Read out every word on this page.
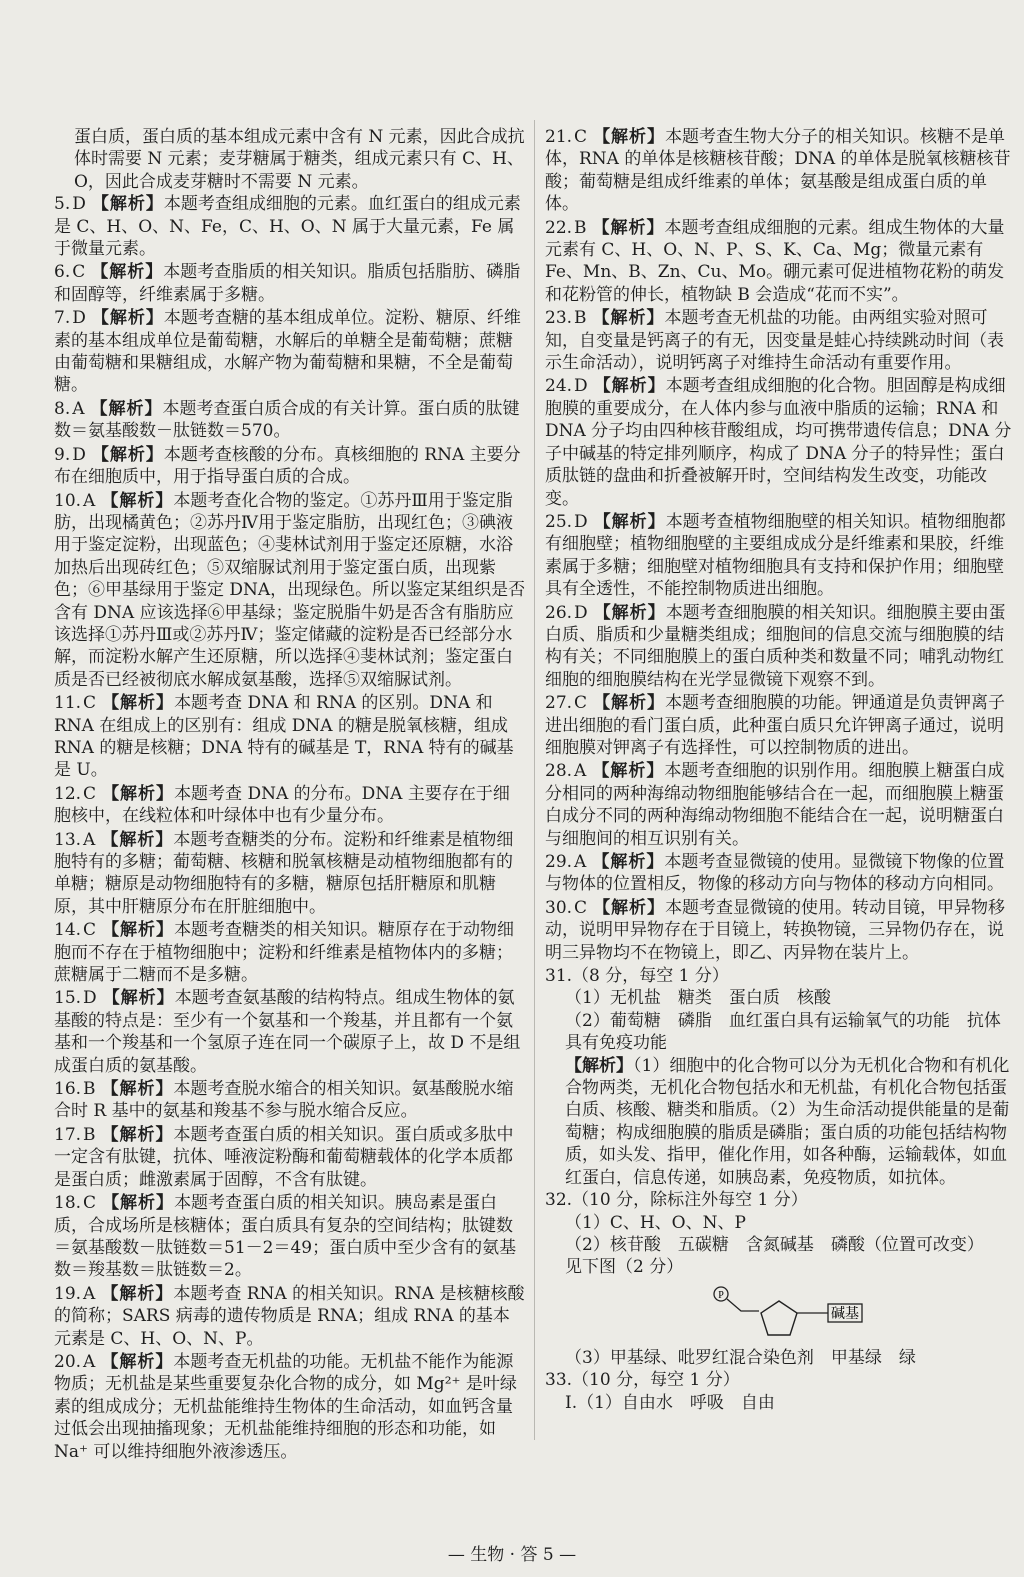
蛋白质，蛋白质的基本组成元素中含有 N 元素，因此合成抗体时需要 N 元素；麦芽糖属于糖类，组成元素只有 C、H、O，因此合成麦芽糖时不需要 N 元素。
5. D 【解析】本题考查组成细胞的元素。血红蛋白的组成元素是 C、H、O、N、Fe，C、H、O、N 属于大量元素，Fe 属于微量元素。
6. C 【解析】本题考查脂质的相关知识。脂质包括脂肪、磷脂和固醇等，纤维素属于多糖。
7. D 【解析】本题考查糖的基本组成单位。淀粉、糖原、纤维素的基本组成单位是葡萄糖，水解后的单糖全是葡萄糖；蔗糖由葡萄糖和果糖组成，水解产物为葡萄糖和果糖，不全是葡萄糖。
8. A 【解析】本题考查蛋白质合成的有关计算。蛋白质的肽键数＝氨基酸数－肽链数＝570。
9. D 【解析】本题考查核酸的分布。真核细胞的 RNA 主要分布在细胞质中，用于指导蛋白质的合成。
10. A 【解析】本题考查化合物的鉴定。①苏丹Ⅲ用于鉴定脂肪，出现橘黄色；②苏丹Ⅳ用于鉴定脂肪，出现红色；③碘液用于鉴定淀粉，出现蓝色；④斐林试剂用于鉴定还原糖，水浴加热后出现砖红色；⑤双缩脲试剂用于鉴定蛋白质，出现紫色；⑥甲基绿用于鉴定 DNA，出现绿色。所以鉴定某组织是否含有 DNA 应该选择⑥甲基绿；鉴定脱脂牛奶是否含有脂肪应该选择①苏丹Ⅲ或②苏丹Ⅳ；鉴定储藏的淀粉是否已经部分水解，而淀粉水解产生还原糖，所以选择④斐林试剂；鉴定蛋白质是否已经被彻底水解成氨基酸，选择⑤双缩脲试剂。
11. C 【解析】本题考查 DNA 和 RNA 的区别。DNA 和 RNA 在组成上的区别有：组成 DNA 的糖是脱氧核糖，组成 RNA 的糖是核糖；DNA 特有的碱基是 T，RNA 特有的碱基是 U。
12. C 【解析】本题考查 DNA 的分布。DNA 主要存在于细胞核中，在线粒体和叶绿体中也有少量分布。
13. A 【解析】本题考查糖类的分布。淀粉和纤维素是植物细胞特有的多糖；葡萄糖、核糖和脱氧核糖是动植物细胞都有的单糖；糖原是动物细胞特有的多糖，糖原包括肝糖原和肌糖原，其中肝糖原分布在肝脏细胞中。
14. C 【解析】本题考查糖类的相关知识。糖原存在于动物细胞而不存在于植物细胞中；淀粉和纤维素是植物体内的多糖；蔗糖属于二糖而不是多糖。
15. D 【解析】本题考查氨基酸的结构特点。组成生物体的氨基酸的特点是：至少有一个氨基和一个羧基，并且都有一个氨基和一个羧基和一个氢原子连在同一个碳原子上，故 D 不是组成蛋白质的氨基酸。
16. B 【解析】本题考查脱水缩合的相关知识。氨基酸脱水缩合时 R 基中的氨基和羧基不参与脱水缩合反应。
17. B 【解析】本题考查蛋白质的相关知识。蛋白质或多肽中一定含有肽键，抗体、唾液淀粉酶和葡萄糖载体的化学本质都是蛋白质；雌激素属于固醇，不含有肽键。
18. C 【解析】本题考查蛋白质的相关知识。胰岛素是蛋白质，合成场所是核糖体；蛋白质具有复杂的空间结构；肽键数＝氨基酸数－肽链数＝51－2＝49；蛋白质中至少含有的氨基数＝羧基数＝肽链数＝2。
19. A 【解析】本题考查 RNA 的相关知识。RNA 是核糖核酸的简称；SARS 病毒的遗传物质是 RNA；组成 RNA 的基本元素是 C、H、O、N、P。
20. A 【解析】本题考查无机盐的功能。无机盐不能作为能源物质；无机盐是某些重要复杂化合物的成分，如 Mg²⁺ 是叶绿素的组成成分；无机盐能维持生物体的生命活动，如血钙含量过低会出现抽搐现象；无机盐能维持细胞的形态和功能，如 Na⁺ 可以维持细胞外液渗透压。
21. C 【解析】本题考查生物大分子的相关知识。核糖不是单体，RNA 的单体是核糖核苷酸；DNA 的单体是脱氧核糖核苷酸；葡萄糖是组成纤维素的单体；氨基酸是组成蛋白质的单体。
22. B 【解析】本题考查组成细胞的元素。组成生物体的大量元素有 C、H、O、N、P、S、K、Ca、Mg；微量元素有 Fe、Mn、B、Zn、Cu、Mo。硼元素可促进植物花粉的萌发和花粉管的伸长，植物缺 B 会造成“花而不实”。
23. B 【解析】本题考查无机盐的功能。由两组实验对照可知，自变量是钙离子的有无，因变量是蛙心持续跳动时间（表示生命活动），说明钙离子对维持生命活动有重要作用。
24. D 【解析】本题考查组成细胞的化合物。胆固醇是构成细胞膜的重要成分，在人体内参与血液中脂质的运输；RNA 和 DNA 分子均由四种核苷酸组成，均可携带遗传信息；DNA 分子中碱基的特定排列顺序，构成了 DNA 分子的特异性；蛋白质肽链的盘曲和折叠被解开时，空间结构发生改变，功能改变。
25. D 【解析】本题考查植物细胞壁的相关知识。植物细胞都有细胞壁；植物细胞壁的主要组成成分是纤维素和果胶，纤维素属于多糖；细胞壁对植物细胞具有支持和保护作用；细胞壁具有全透性，不能控制物质进出细胞。
26. D 【解析】本题考查细胞膜的相关知识。细胞膜主要由蛋白质、脂质和少量糖类组成；细胞间的信息交流与细胞膜的结构有关；不同细胞膜上的蛋白质种类和数量不同；哺乳动物红细胞的细胞膜结构在光学显微镜下观察不到。
27. C 【解析】本题考查细胞膜的功能。钾通道是负责钾离子进出细胞的看门蛋白质，此种蛋白质只允许钾离子通过，说明细胞膜对钾离子有选择性，可以控制物质的进出。
28. A 【解析】本题考查细胞的识别作用。细胞膜上糖蛋白成分相同的两种海绵动物细胞能够结合在一起，而细胞膜上糖蛋白成分不同的两种海绵动物细胞不能结合在一起，说明糖蛋白与细胞间的相互识别有关。
29. A 【解析】本题考查显微镜的使用。显微镜下物像的位置与物体的位置相反，物像的移动方向与物体的移动方向相同。
30. C 【解析】本题考查显微镜的使用。转动目镜，甲异物移动，说明甲异物存在于目镜上，转换物镜，三异物仍存在，说明三异物均不在物镜上，即乙、丙异物在装片上。
31.（8 分，每空 1 分）
（1）无机盐　糖类　蛋白质　核酸
（2）葡萄糖　磷脂　血红蛋白具有运输氧气的功能　抗体具有免疫功能
【解析】（1）细胞中的化合物可以分为无机化合物和有机化合物两类，无机化合物包括水和无机盐，有机化合物包括蛋白质、核酸、糖类和脂质。（2）为生命活动提供能量的是葡萄糖；构成细胞膜的脂质是磷脂；蛋白质的功能包括结构物质，如头发、指甲，催化作用，如各种酶，运输载体，如血红蛋白，信息传递，如胰岛素，免疫物质，如抗体。
32.（10 分，除标注外每空 1 分）
（1）C、H、O、N、P
（2）核苷酸　五碳糖　含氮碱基　磷酸（位置可改变）
见下图（2 分）
P
碱基
（3）甲基绿、吡罗红混合染色剂　甲基绿　绿
33.（10 分，每空 1 分）
Ⅰ.（1）自由水　呼吸　自由
— 生物 · 答 5 —
